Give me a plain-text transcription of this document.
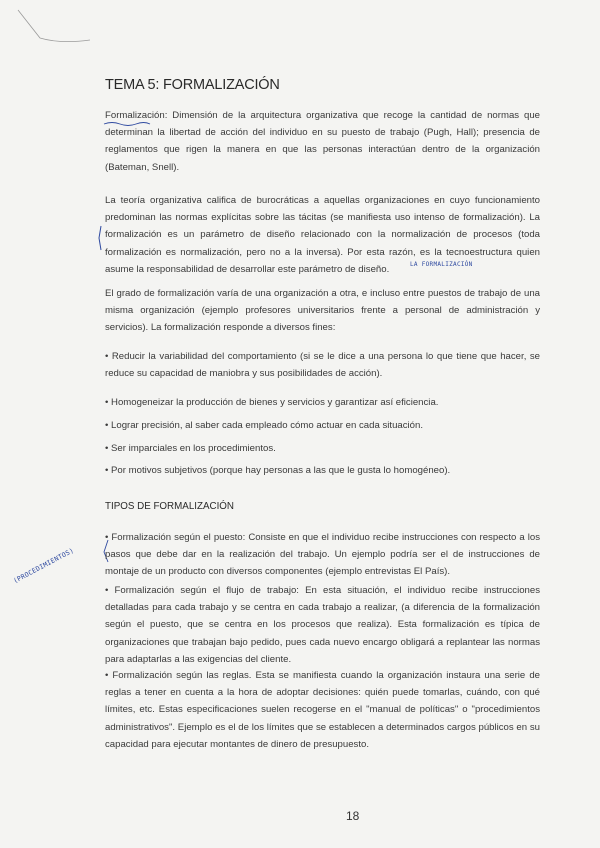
TEMA 5: FORMALIZACIÓN
Formalización: Dimensión de la arquitectura organizativa que recoge la cantidad de normas que determinan la libertad de acción del individuo en su puesto de trabajo (Pugh, Hall); presencia de reglamentos que rigen la manera en que las personas interactúan dentro de la organización (Bateman, Snell).
La teoría organizativa califica de burocráticas a aquellas organizaciones en cuyo funcionamiento predominan las normas explícitas sobre las tácitas (se manifiesta uso intenso de formalización). La formalización es un parámetro de diseño relacionado con la normalización de procesos (toda formalización es normalización, pero no a la inversa). Por esta razón, es la tecnoestructura quien asume la responsabilidad de desarrollar este parámetro de diseño.	LA FORMALIZACIÓN
El grado de formalización varía de una organización a otra, e incluso entre puestos de trabajo de una misma organización (ejemplo profesores universitarios frente a personal de administración y servicios). La formalización responde a diversos fines:
• Reducir la variabilidad del comportamiento (si se le dice a una persona lo que tiene que hacer, se reduce su capacidad de maniobra y sus posibilidades de acción).
• Homogeneizar la producción de bienes y servicios y garantizar así eficiencia.
• Lograr precisión, al saber cada empleado cómo actuar en cada situación.
• Ser imparciales en los procedimientos.
• Por motivos subjetivos (porque hay personas a las que le gusta lo homogéneo).
TIPOS DE FORMALIZACIÓN
(PROCEDIMIENTOS)
• Formalización según el puesto: Consiste en que el individuo recibe instrucciones con respecto a los pasos que debe dar en la realización del trabajo. Un ejemplo podría ser el de instrucciones de montaje de un producto con diversos componentes (ejemplo entrevistas El País).
• Formalización según el flujo de trabajo: En esta situación, el individuo recibe instrucciones detalladas para cada trabajo y se centra en cada trabajo a realizar, (a diferencia de la formalización según el puesto, que se centra en los procesos que realiza). Esta formalización es típica de organizaciones que trabajan bajo pedido, pues cada nuevo encargo obligará a replantear las normas para adaptarlas a las exigencias del cliente.
• Formalización según las reglas. Esta se manifiesta cuando la organización instaura una serie de reglas a tener en cuenta a la hora de adoptar decisiones: quién puede tomarlas, cuándo, con qué límites, etc. Estas especificaciones suelen recogerse en el "manual de políticas" o "procedimientos administrativos". Ejemplo es el de los límites que se establecen a determinados cargos públicos en su capacidad para ejecutar montantes de dinero de presupuesto.
18
